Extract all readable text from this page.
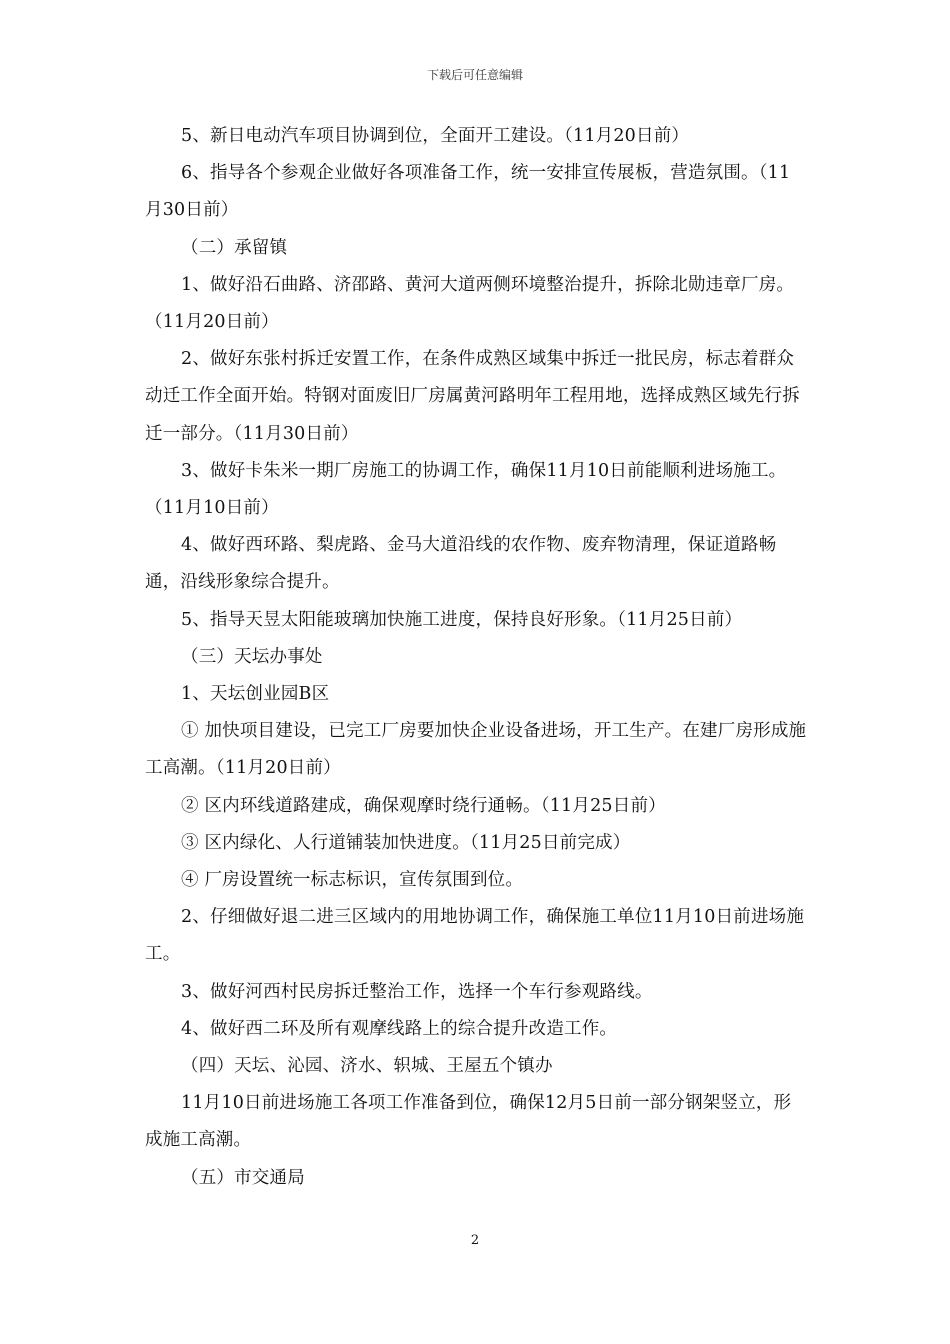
下载后可任意编辑

5、新日电动汽车项目协调到位，全面开工建设。（11月20日前）

6、指导各个参观企业做好各项准备工作，统一安排宣传展板，营造氛围。（11月30日前）

（二）承留镇

1、做好沿石曲路、济邵路、黄河大道两侧环境整治提升，拆除北勋违章厂房。（11月20日前）

2、做好东张村拆迁安置工作，在条件成熟区域集中拆迁一批民房，标志着群众动迁工作全面开始。特钢对面废旧厂房属黄河路明年工程用地，选择成熟区域先行拆迁一部分。（11月30日前）

3、做好卡朱米一期厂房施工的协调工作，确保11月10日前能顺利进场施工。（11月10日前）

4、做好西环路、梨虎路、金马大道沿线的农作物、废弃物清理，保证道路畅通，沿线形象综合提升。

5、指导天昱太阳能玻璃加快施工进度，保持良好形象。（11月25日前）

（三）天坛办事处

1、天坛创业园B区

① 加快项目建设，已完工厂房要加快企业设备进场，开工生产。在建厂房形成施工高潮。（11月20日前）

② 区内环线道路建成，确保观摩时绕行通畅。（11月25日前）

③ 区内绿化、人行道铺装加快进度。（11月25日前完成）

④ 厂房设置统一标志标识，宣传氛围到位。

2、仔细做好退二进三区域内的用地协调工作，确保施工单位11月10日前进场施工。

3、做好河西村民房拆迁整治工作，选择一个车行参观路线。

4、做好西二环及所有观摩线路上的综合提升改造工作。

（四）天坛、沁园、济水、轵城、王屋五个镇办

11月10日前进场施工各项工作准备到位，确保12月5日前一部分钢架竖立，形成施工高潮。

（五）市交通局

2
